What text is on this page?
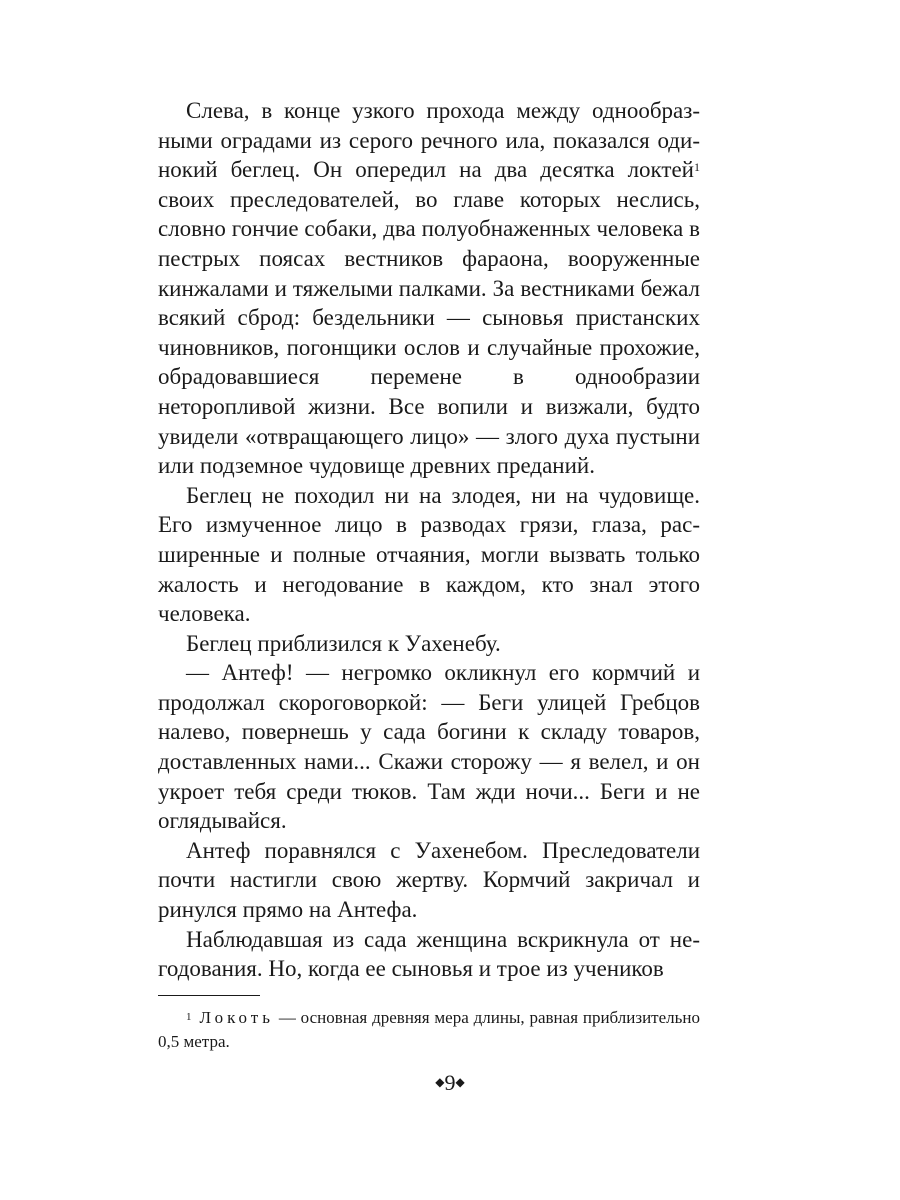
Слева, в конце узкого прохода между однообразными оградами из серого речного ила, показался одинокий беглец. Он опередил на два десятка локтей$^1$ своих преследователей, во главе которых неслись, словно гончие собаки, два полуобнаженных человека в пестрых поясах вестников фараона, вооруженные кинжалами и тяжелыми палками. За вестниками бежал всякий сброд: бездельники — сыновья пристанских чиновников, погонщики ослов и случайные прохожие, обрадовавшиеся перемене в однообразии неторопливой жизни. Все вопили и визжали, будто увидели «отвращающего лицо» — злого духа пустыни или подземное чудовище древних преданий.

Беглец не походил ни на злодея, ни на чудовище. Его измученное лицо в разводах грязи, глаза, расширенные и полные отчаяния, могли вызвать только жалость и негодование в каждом, кто знал этого человека.

Беглец приблизился к Уахенебу.

— Антеф! — негромко окликнул его кормчий и продолжал скороговоркой: — Беги улицей Гребцов налево, повернешь у сада богини к складу товаров, доставленных нами... Скажи сторожу — я велел, и он укроет тебя среди тюков. Там жди ночи... Беги и не оглядывайся.

Антеф поравнялся с Уахенебом. Преследователи почти настигли свою жертву. Кормчий закричал и ринулся прямо на Антефа.

Наблюдавшая из сада женщина вскрикнула от негодования. Но, когда ее сыновья и трое из учеников

$^1$ Локоть — основная древняя мера длины, равная приблизительно 0,5 метра.

◆9◆
